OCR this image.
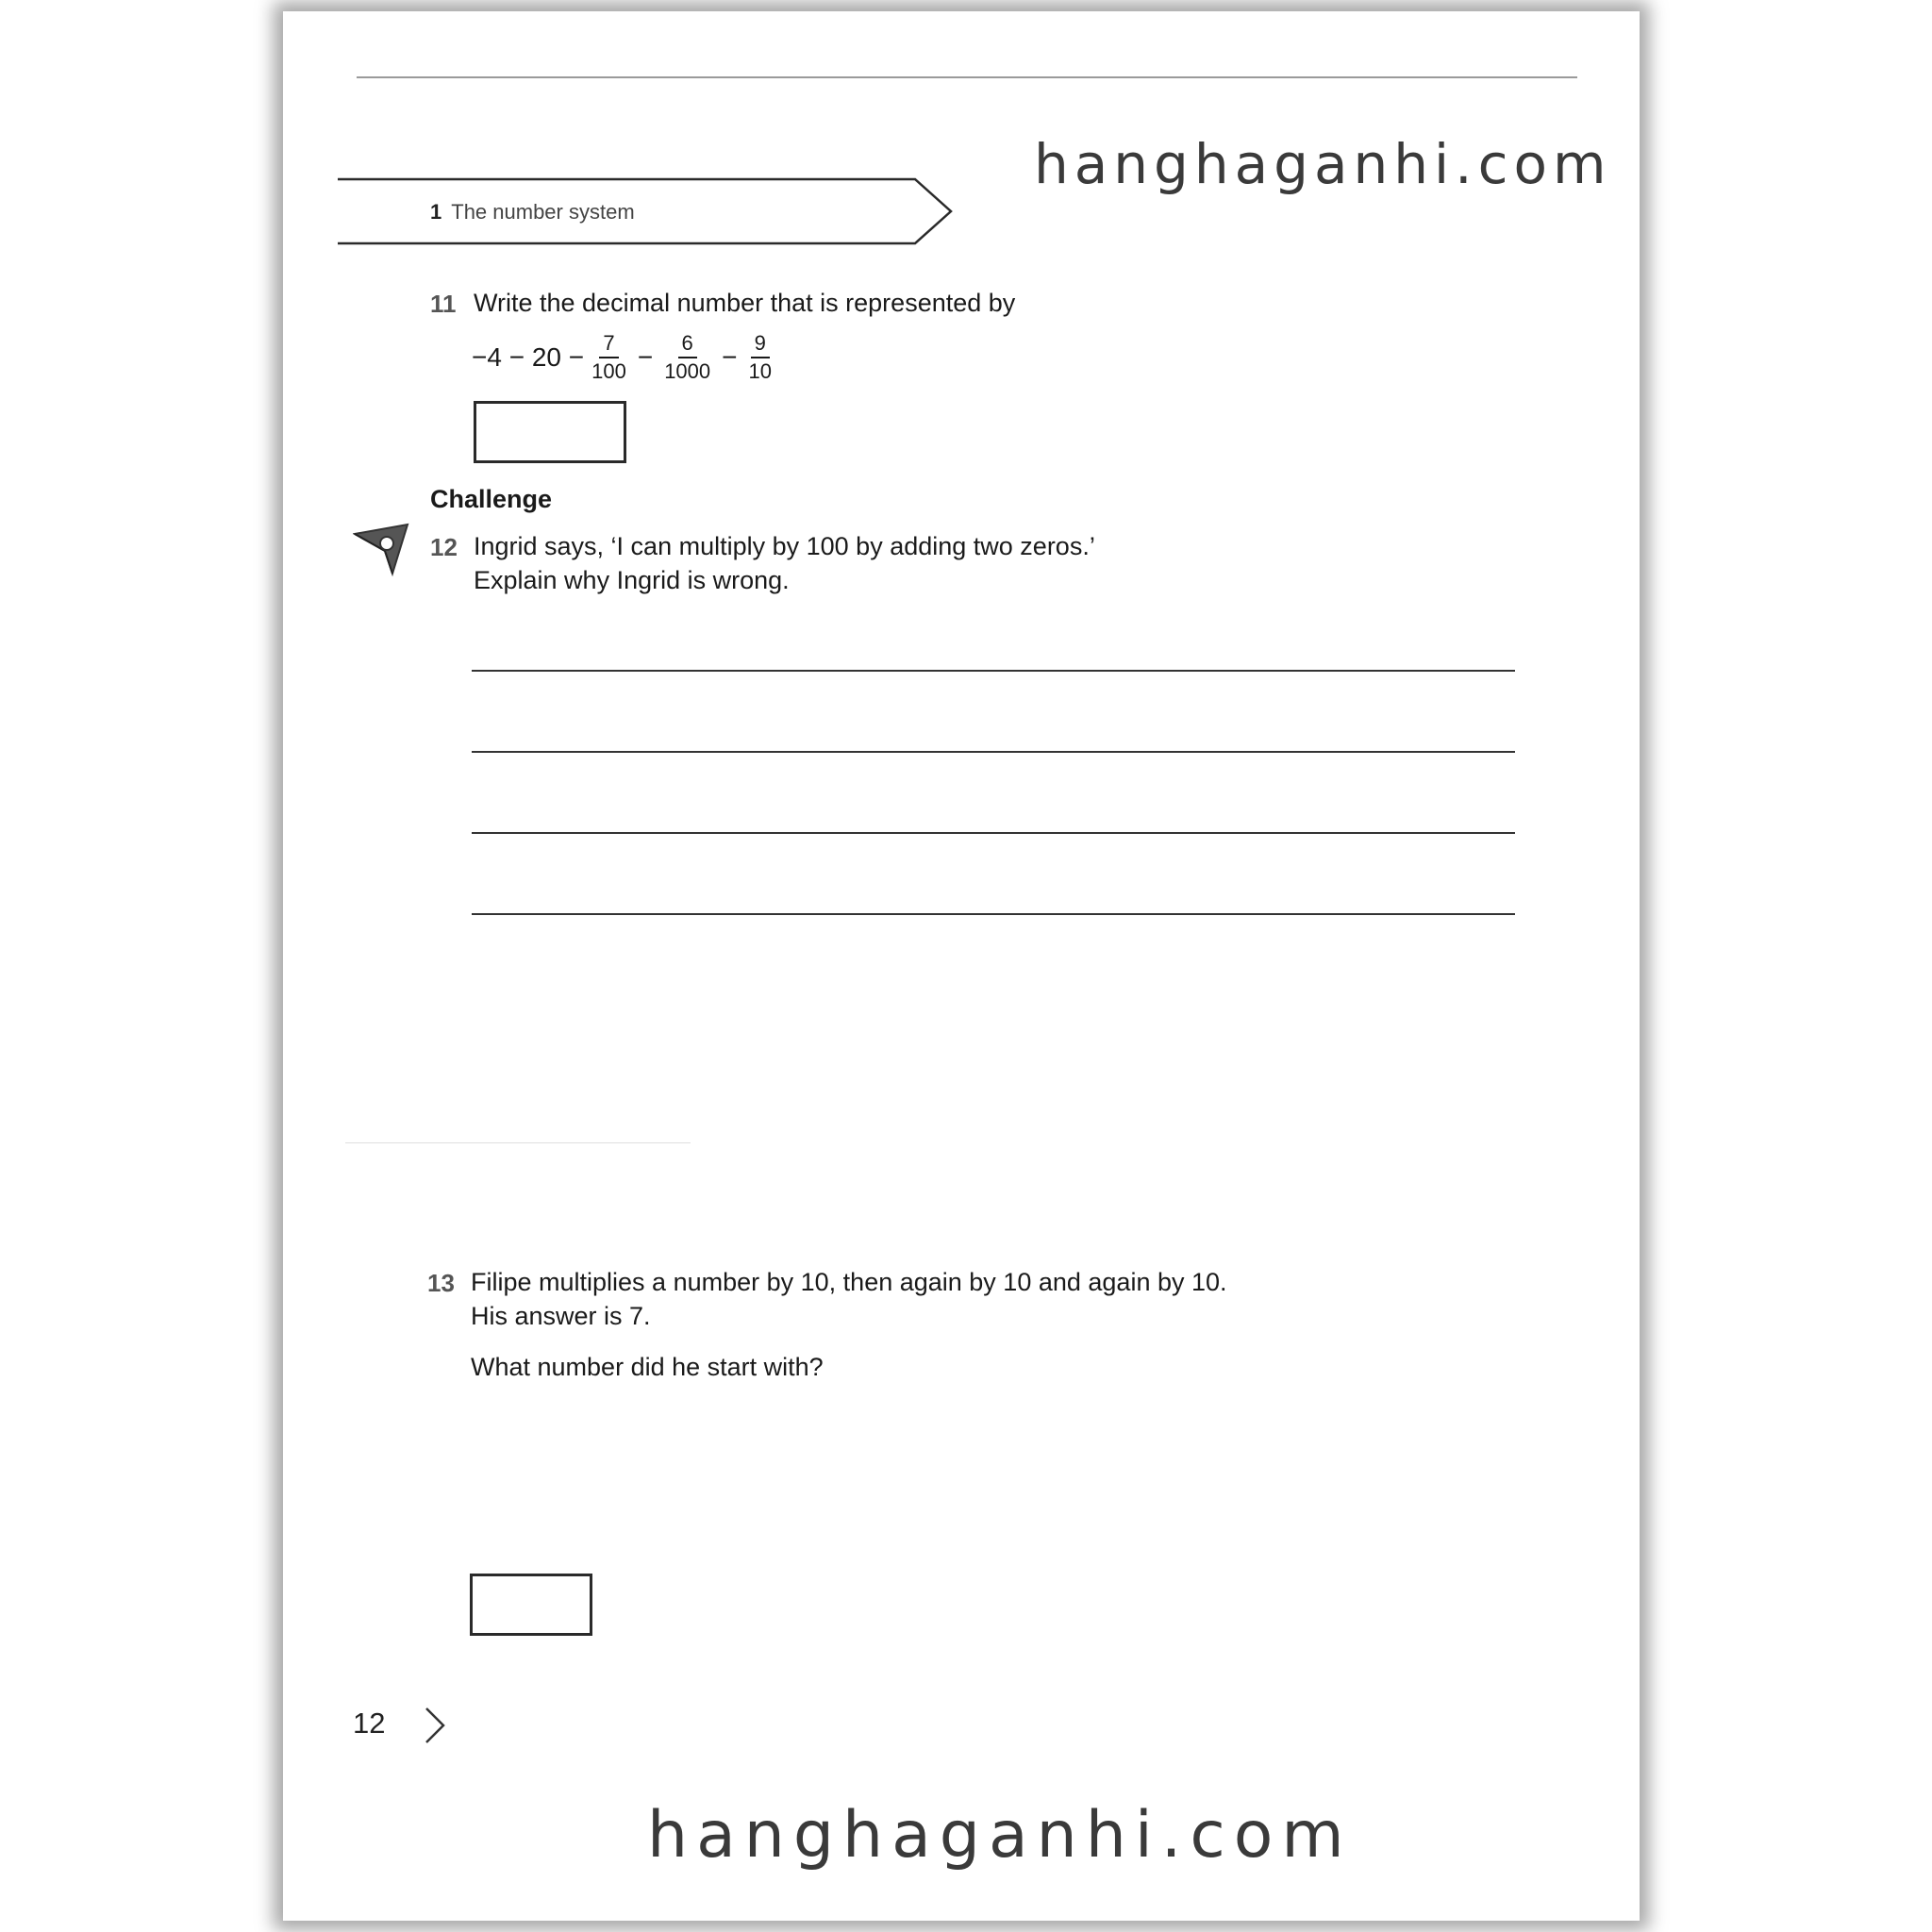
hanghaganhi.com
1 The number system
11 Write the decimal number that is represented by
$-4 - 20 - \frac{7}{100} - \frac{6}{1000} - \frac{9}{10}$
Challenge
12 Ingrid says, ‘I can multiply by 100 by adding two zeros.’
Explain why Ingrid is wrong.
13 Filipe multiplies a number by 10, then again by 10 and again by 10.
His answer is 7.
What number did he start with?
12
hanghaganhi.com
